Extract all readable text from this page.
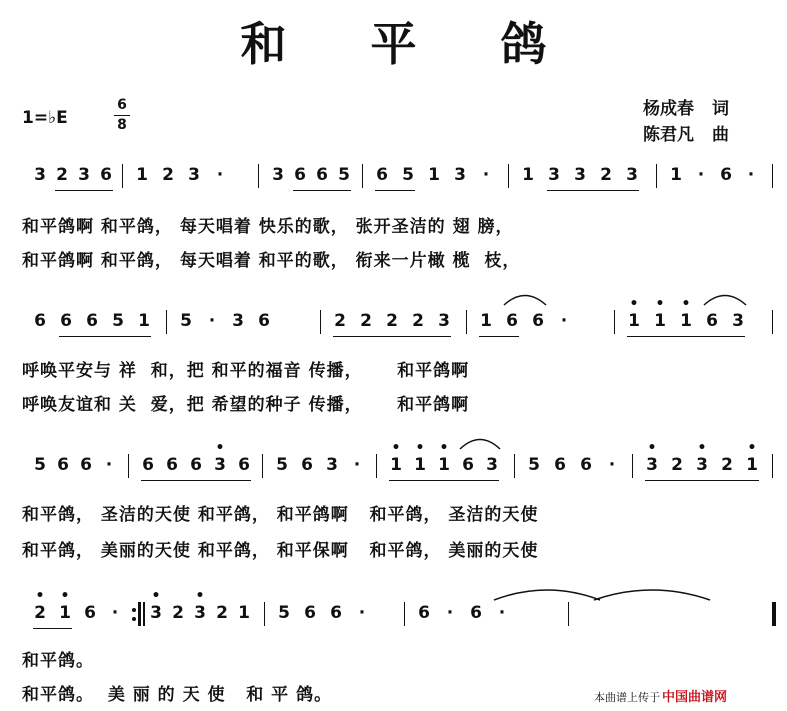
和 平 鸽
1=♭E
6
8
杨成春 词
陈君凡 曲
3 2 3 6 1 2 3 ·	3 6 6 5 6 5 1 3 ·	1 3 3 2 3 1 · 6 ·
和平鸽啊 和平鸽， 每天唱着 快乐的歌， 张开圣洁的 翅 膀，
和平鸽啊 和平鸽， 每天唱着 和平的歌， 衔来一片橄 榄  枝，
6 6 6 5 1 5 · 3 6	2 2 2 2 3 1 6 6 ·	1
•
1
•
1
•
6 3
呼唤平安与 祥  和，把 和平的福音 传播，     和平鸽啊
呼唤友谊和 关  爱，把 希望的种子 传播，     和平鸽啊
5 6 6 ·	6 6 6 3
•
6 5 6 3 ·	1
•
1
•
1
•
6 3 5 6 6 ·	3
•
2 3
•
2 1
•
和平鸽， 圣洁的天使 和平鸽， 和平鸽啊   和平鸽， 圣洁的天使
和平鸽， 美丽的天使 和平鸽， 和平保啊   和平鸽， 美丽的天使
2
•
1
•
6 ·	3
•
2 3
•
2 1 5 6 6 ·	6 · 6 ·
和平鸽。
和平鸽。  美 丽 的 天 使   和 平 鸽。	本曲谱上传于 中国曲谱网
